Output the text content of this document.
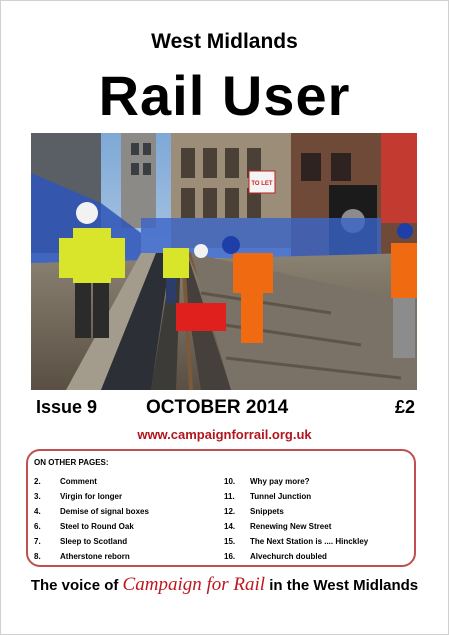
West Midlands
Rail User
TO LET
Issue 9	OCTOBER 2014	£2
www.campaignforrail.org.uk
ON OTHER PAGES:
2. Comment
3. Virgin for longer
4. Demise of signal boxes
6. Steel to Round Oak
7. Sleep to Scotland
8. Atherstone reborn
10. Why pay more?
11. Tunnel Junction
12. Snippets
14. Renewing New Street
15. The Next Station is .... Hinckley
16. Alvechurch doubled
The voice of Campaign for Rail in the West Midlands
